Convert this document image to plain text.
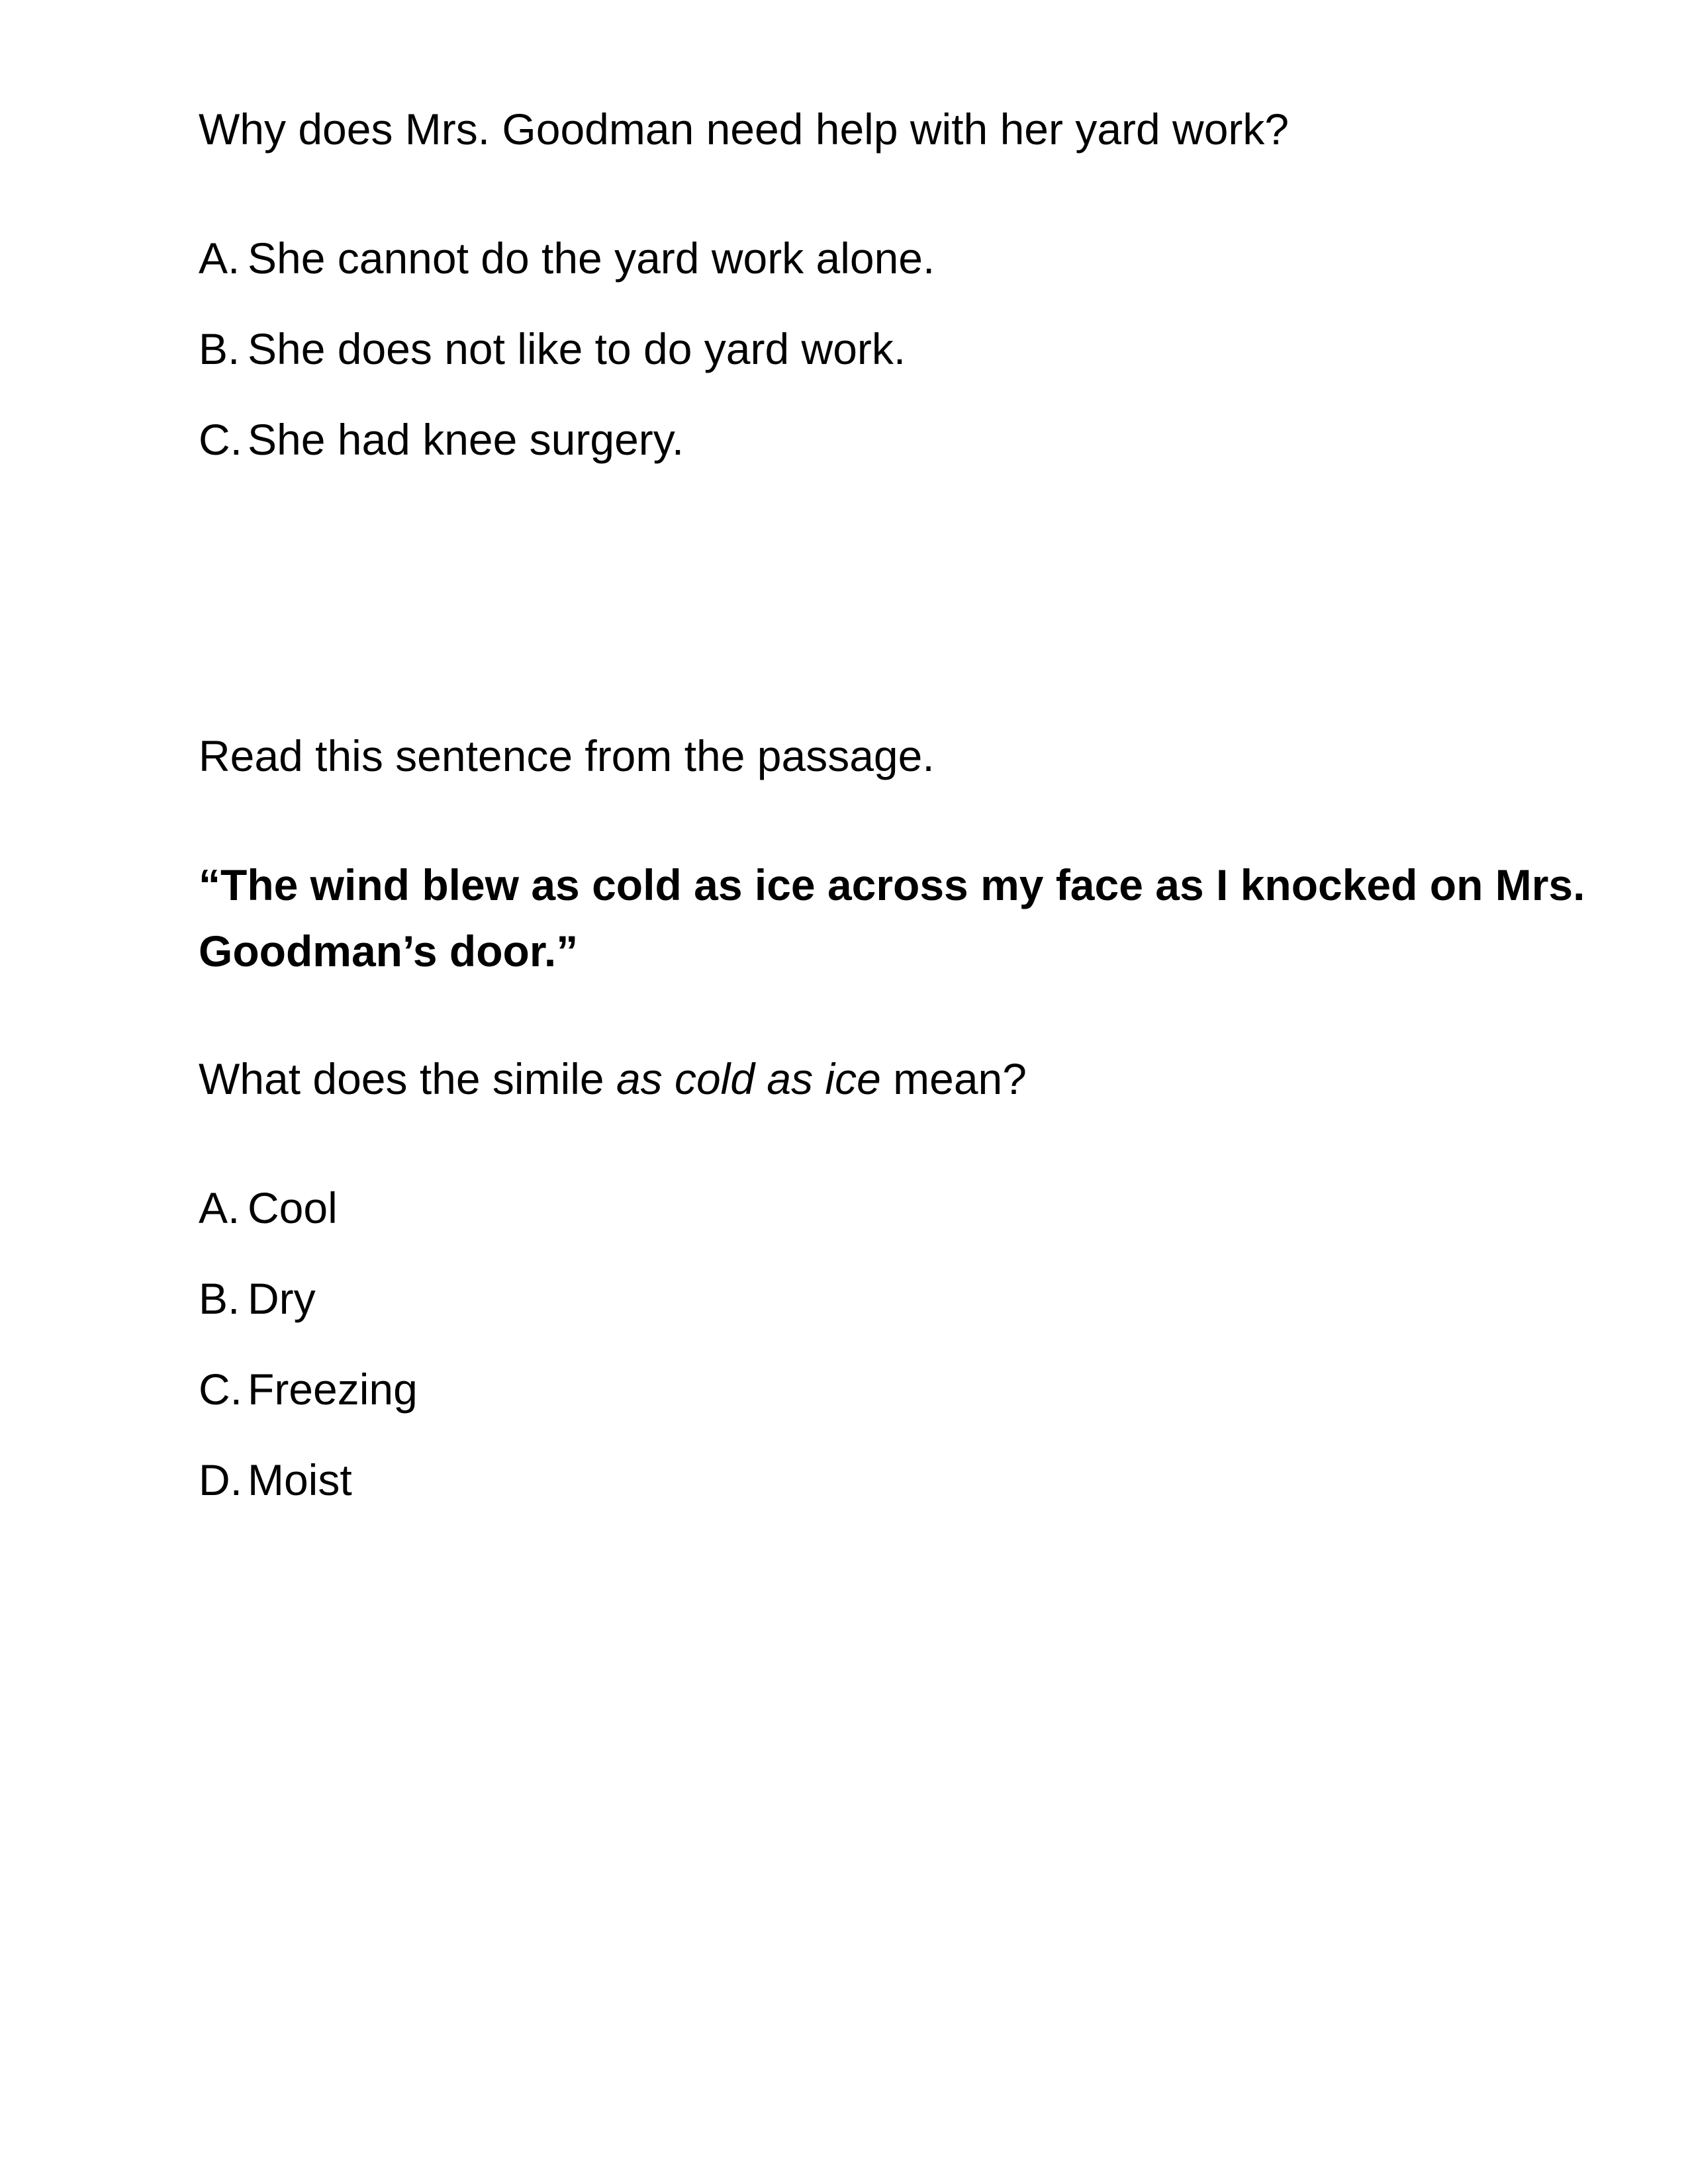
Why does Mrs. Goodman need help with her yard work?
A. She cannot do the yard work alone.
B. She does not like to do yard work.
C. She had knee surgery.
Read this sentence from the passage.
“The wind blew as cold as ice across my face as I knocked on Mrs.
Goodman’s door.”
What does the simile as cold as ice mean?
A. Cool
B. Dry
C. Freezing
D. Moist
